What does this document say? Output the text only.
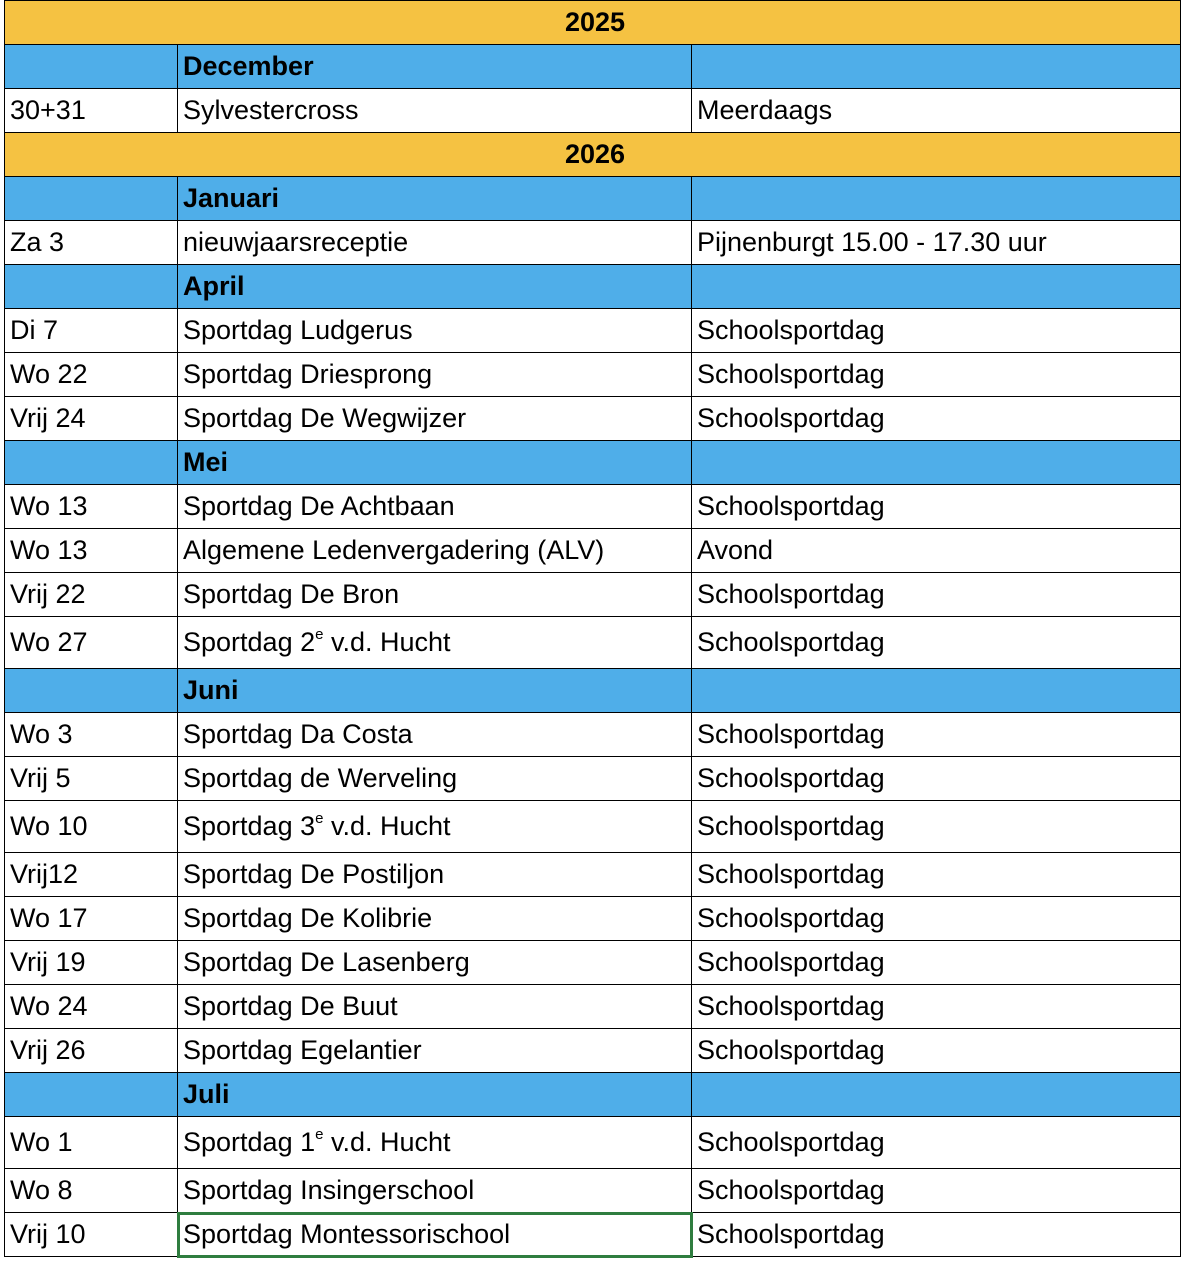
2025		
	December	
30+31	Sylvestercross	Meerdaags
2026		
	Januari	
Za 3	nieuwjaarsreceptie	Pijnenburgt 15.00 - 17.30 uur
	April	
Di 7	Sportdag Ludgerus	Schoolsportdag
Wo 22	Sportdag Driesprong	Schoolsportdag
Vrij 24	Sportdag De Wegwijzer	Schoolsportdag
	Mei	
Wo 13	Sportdag De Achtbaan	Schoolsportdag
Wo 13	Algemene Ledenvergadering (ALV)	Avond
Vrij 22	Sportdag De Bron	Schoolsportdag
Wo 27	Sportdag 2e v.d. Hucht	Schoolsportdag
	Juni	
Wo 3	Sportdag Da Costa	Schoolsportdag
Vrij 5	Sportdag de Werveling	Schoolsportdag
Wo 10	Sportdag 3e v.d. Hucht	Schoolsportdag
Vrij12	Sportdag De Postiljon	Schoolsportdag
Wo 17	Sportdag De Kolibrie	Schoolsportdag
Vrij 19	Sportdag De Lasenberg	Schoolsportdag
Wo 24	Sportdag De Buut	Schoolsportdag
Vrij 26	Sportdag Egelantier	Schoolsportdag
	Juli	
Wo 1	Sportdag 1e v.d. Hucht	Schoolsportdag
Wo 8	Sportdag Insingerschool	Schoolsportdag
Vrij 10	Sportdag Montessorischool	Schoolsportdag
